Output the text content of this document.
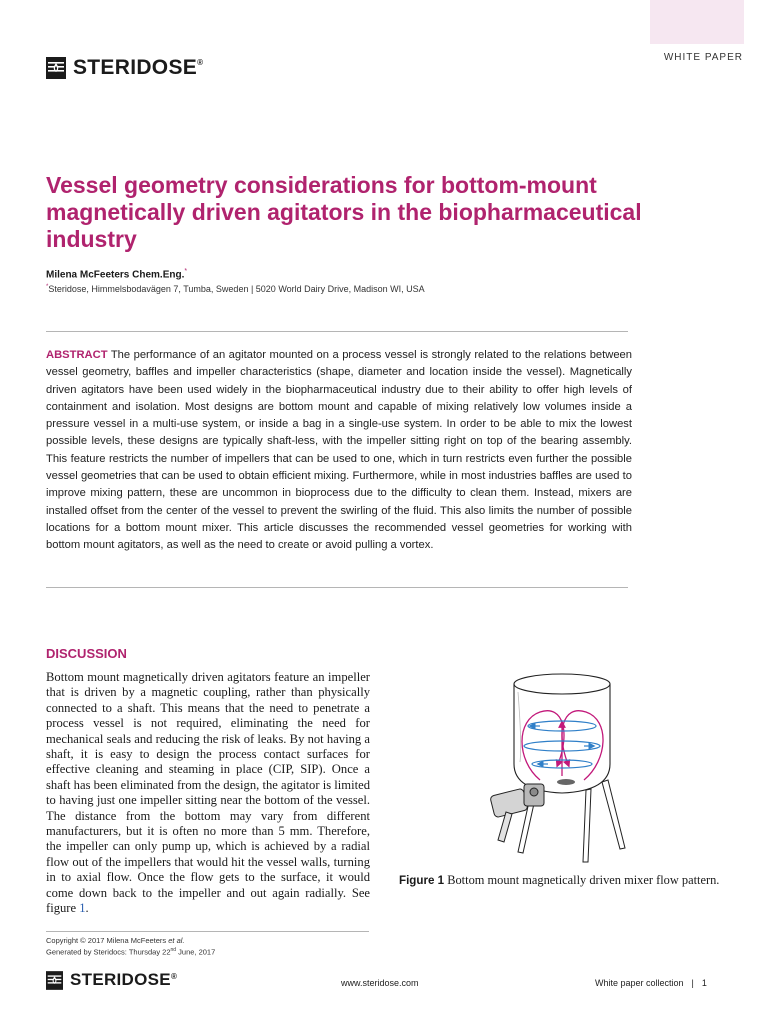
WHITE PAPER
STERIDOSE®
Vessel geometry considerations for bottom-mount magnetically driven agitators in the biopharmaceutical industry
Milena McFeeters Chem.Eng.*
*Steridose, Himmelsbodavägen 7, Tumba, Sweden | 5020 World Dairy Drive, Madison WI, USA
ABSTRACT The performance of an agitator mounted on a process vessel is strongly related to the relations between vessel geometry, baffles and impeller characteristics (shape, diameter and location inside the vessel). Magnetically driven agitators have been used widely in the biopharmaceutical industry due to their ability to offer high levels of containment and isolation. Most designs are bottom mount and capable of mixing relatively low volumes inside a pressure vessel in a multi-use system, or inside a bag in a single-use system. In order to be able to mix the lowest possible levels, these designs are typically shaft-less, with the impeller sitting right on top of the bearing assembly. This feature restricts the number of impellers that can be used to one, which in turn restricts even further the possible vessel geometries that can be used to obtain efficient mixing. Furthermore, while in most industries baffles are used to improve mixing pattern, these are uncommon in bioprocess due to the difficulty to clean them. Instead, mixers are installed offset from the center of the vessel to prevent the swirling of the fluid. This also limits the number of possible locations for a bottom mount mixer. This article discusses the recommended vessel geometries for working with bottom mount agitators, as well as the need to create or avoid pulling a vortex.
DISCUSSION
Bottom mount magnetically driven agitators feature an impeller that is driven by a magnetic coupling, rather than physically connected to a shaft. This means that the need to penetrate a process vessel is not required, eliminating the need for mechanical seals and reducing the risk of leaks. By not having a shaft, it is easy to design the process contact surfaces for effective cleaning and steaming in place (CIP, SIP). Once a shaft has been eliminated from the design, the agitator is limited to having just one impeller sitting near the bottom of the vessel. The distance from the bottom may vary from different manufacturers, but it is often no more than 5 mm. Therefore, the impeller can only pump up, which is achieved by a radial flow out of the impellers that would hit the vessel walls, turning in to axial flow. Once the flow gets to the surface, it would come down back to the impeller and out again radially. See figure 1.
Figure 1 Bottom mount magnetically driven mixer flow pattern.
Copyright © 2017 Milena McFeeters et al.
Generated by Steridocs: Thursday 22nd June, 2017
STERIDOSE®
www.steridose.com	White paper collection | 1
